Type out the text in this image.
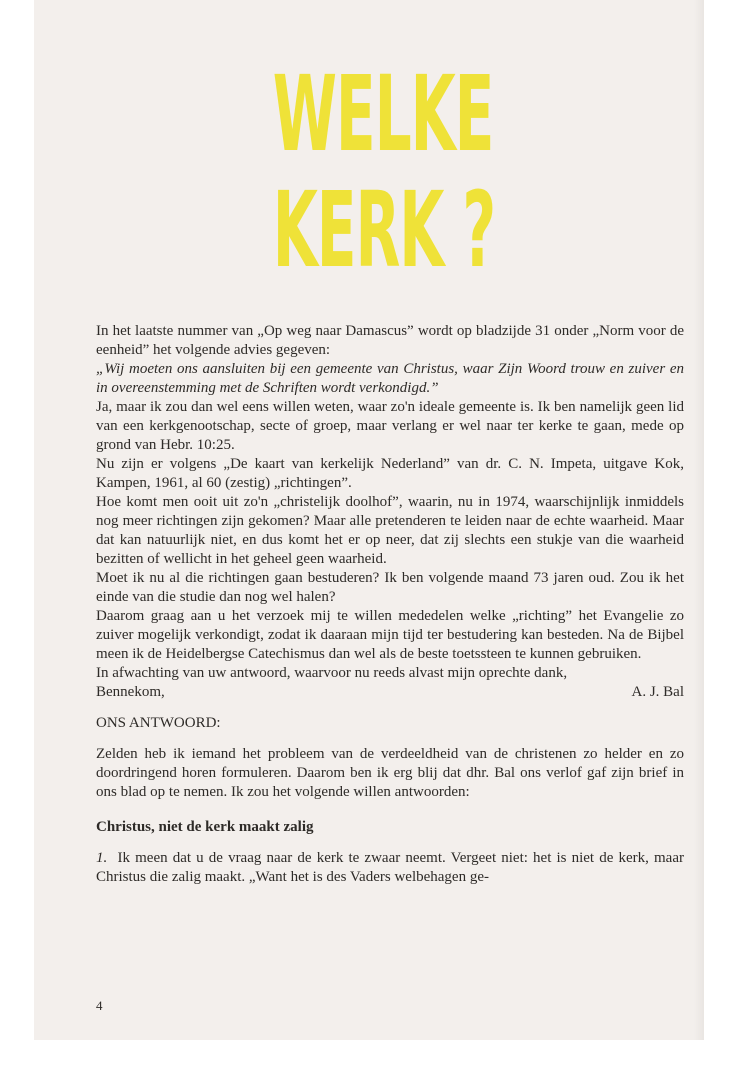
WELKE
KERK ?

In het laatste nummer van „Op weg naar Damascus” wordt op bladzijde 31 onder „Norm voor de eenheid” het volgende advies gegeven:

„Wij moeten ons aansluiten bij een gemeente van Christus, waar Zijn Woord trouw en zuiver en in overeenstemming met de Schriften wordt verkondigd.”

Ja, maar ik zou dan wel eens willen weten, waar zo'n ideale gemeente is. Ik ben namelijk geen lid van een kerkgenootschap, secte of groep, maar verlang er wel naar ter kerke te gaan, mede op grond van Hebr. 10:25.

Nu zijn er volgens „De kaart van kerkelijk Nederland” van dr. C. N. Impeta, uitgave Kok, Kampen, 1961, al 60 (zestig) „richtingen”.

Hoe komt men ooit uit zo'n „christelijk doolhof”, waarin, nu in 1974, waarschijnlijk inmiddels nog meer richtingen zijn gekomen? Maar alle pretenderen te leiden naar de echte waarheid. Maar dat kan natuurlijk niet, en dus komt het er op neer, dat zij slechts een stukje van die waarheid bezitten of wellicht in het geheel geen waarheid.

Moet ik nu al die richtingen gaan bestuderen? Ik ben volgende maand 73 jaren oud. Zou ik het einde van die studie dan nog wel halen?

Daarom graag aan u het verzoek mij te willen mededelen welke „richting” het Evangelie zo zuiver mogelijk verkondigt, zodat ik daaraan mijn tijd ter bestudering kan besteden. Na de Bijbel meen ik de Heidelbergse Catechismus dan wel als de beste toetssteen te kunnen gebruiken.

In afwachting van uw antwoord, waarvoor nu reeds alvast mijn oprechte dank,

Bennekom,	A. J. Bal

ONS ANTWOORD:

Zelden heb ik iemand het probleem van de verdeeldheid van de christenen zo helder en zo doordringend horen formuleren. Daarom ben ik erg blij dat dhr. Bal ons verlof gaf zijn brief in ons blad op te nemen. Ik zou het volgende willen antwoorden:

Christus, niet de kerk maakt zalig

1. Ik meen dat u de vraag naar de kerk te zwaar neemt. Vergeet niet: het is niet de kerk, maar Christus die zalig maakt. „Want het is des Vaders welbehagen ge-

4
